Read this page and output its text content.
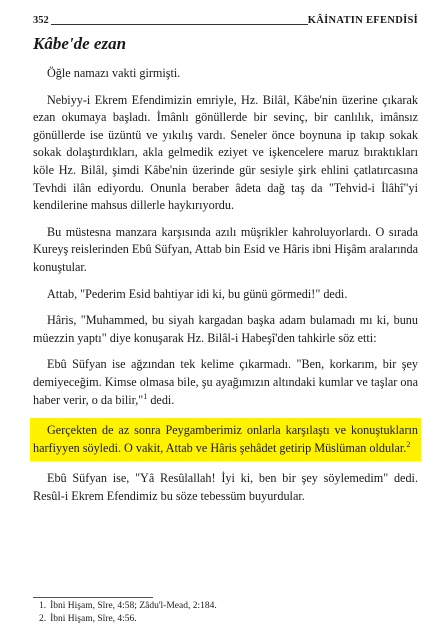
352	KÂİNATIN EFENDİSİ
Kâbe'de ezan

Öğle namazı vakti girmişti.

Nebiyy-i Ekrem Efendimizin emriyle, Hz. Bilâl, Kâbe'nin üzerine çıkarak ezan okumaya başladı. İmânlı gönüllerde bir sevinç, bir canlılık, imânsız gönüllerde ise üzüntü ve yıkılış vardı. Seneler önce boynuna ip takıp sokak sokak dolaştırdıkları, akla gelmedik eziyet ve işkencelere maruz bıraktıkları köle Hz. Bilâl, şimdi Kâbe'nin üzerinde gür sesiyle şirk ehlini çatlatırcasına Tevhdi ilân ediyordu. Onunla beraber âdeta dağ taş da "Tehvid-i İlâhî"yi kendilerine mahsus dillerle haykırıyordu.

Bu müstesna manzara karşısında azılı müşrikler kahroluyorlardı. O sırada Kureyş reislerinden Ebû Süfyan, Attab bin Esid ve Hâris ibni Hişâm aralarında konuştular.

Attab, "Pederim Esid bahtiyar idi ki, bu günü görmedi!" dedi.

Hâris, "Muhammed, bu siyah kargadan başka adam bulamadı mı ki, bunu müezzin yaptı" diye konuşarak Hz. Bilâl-i Habeşî'den tahkirle söz etti:

Ebû Süfyan ise ağzından tek kelime çıkarmadı. "Ben, korkarım, bir şey demiyeceğim. Kimse olmasa bile, şu ayağımızın altındaki kumlar ve taşlar ona haber verir, o da bilir,"$^1$ dedi.

Gerçekten de az sonra Peygamberimiz onlarla karşılaştı ve konuştukların harfiyyen söyledi. O vakit, Attab ve Hâris şehâdet getirip Müslüman oldular.$^2$

Ebû Süfyan ise, "Yâ Resûlallah! İyi ki, ben bir şey söylemedim" dedi. Resûl-i Ekrem Efendimiz bu söze tebessüm buyurdular.

1. İbni Hişam, Sîre, 4:58; Zâdu'l-Mead, 2:184.
2. İbni Hişam, Sîre, 4:56.
